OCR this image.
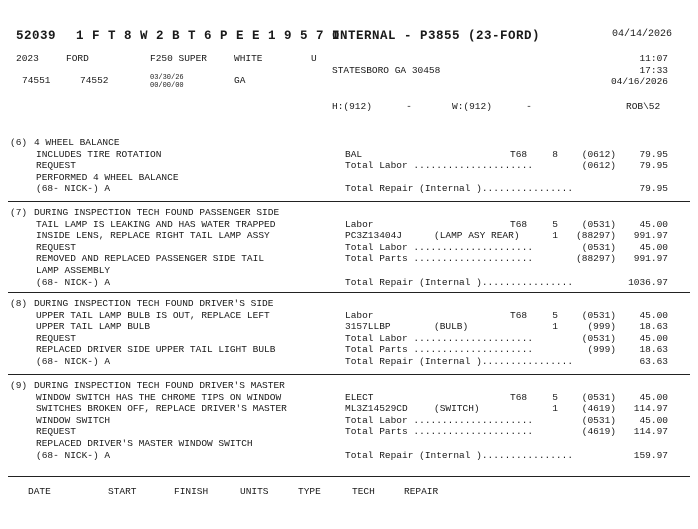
52039 1 F T 8 W 2 B T 6 P E E 1 9 5 7 0
INTERNAL - P3855 (23-FORD)	04/14/2026
2023	FORD	F250 SUPER	WHITE	U	11:07
STATESBORO GA 30458	17:33
04/16/2026
74551	74552	03/30/26
00/00/00	GA
H:(912)      -	W:(912)      -	ROB\52
(6) 4 WHEEL BALANCE
INCLUDES TIRE ROTATION
REQUEST
PERFORMED 4 WHEEL BALANCE
(68- NICK-) A
BAL	T68	8	(0612)	79.95
Total Labor .....................	(0612)	79.95
Total Repair (Internal )................	79.95
(7) DURING INSPECTION TECH FOUND PASSENGER SIDE
TAIL LAMP IS LEAKING AND HAS WATER TRAPPED
INSIDE LENS, REPLACE RIGHT TAIL LAMP ASSY
REQUEST
REMOVED AND REPLACED PASSENGER SIDE TAIL
LAMP ASSEMBLY
(68- NICK-) A
Labor	T68	5	(0531)	45.00
PC3Z13404J	(LAMP ASY REAR)	1	(88297)	991.97
Total Labor .....................	(0531)	45.00
Total Parts .....................	(88297)	991.97
Total Repair (Internal )................	1036.97
(8) DURING INSPECTION TECH FOUND DRIVER'S SIDE
UPPER TAIL LAMP BULB IS OUT, REPLACE LEFT
UPPER TAIL LAMP BULB
REQUEST
REPLACED DRIVER SIDE UPPER TAIL LIGHT BULB
(68- NICK-) A
Labor	T68	5	(0531)	45.00
3157LLBP	(BULB)	1	(999)	18.63
Total Labor .....................	(0531)	45.00
Total Parts .....................	(999)	18.63
Total Repair (Internal )................	63.63
(9) DURING INSPECTION TECH FOUND DRIVER'S MASTER
WINDOW SWITCH HAS THE CHROME TIPS ON WINDOW
SWITCHES BROKEN OFF, REPLACE DRIVER'S MASTER
WINDOW SWITCH
REQUEST
REPLACED DRIVER'S MASTER WINDOW SWITCH
(68- NICK-) A
ELECT	T68	5	(0531)	45.00
ML3Z14529CD	(SWITCH)	1	(4619)	114.97
Total Labor .....................	(0531)	45.00
Total Parts .....................	(4619)	114.97
Total Repair (Internal )................	159.97
DATE	START	FINISH	UNITS	TYPE	TECH	REPAIR
